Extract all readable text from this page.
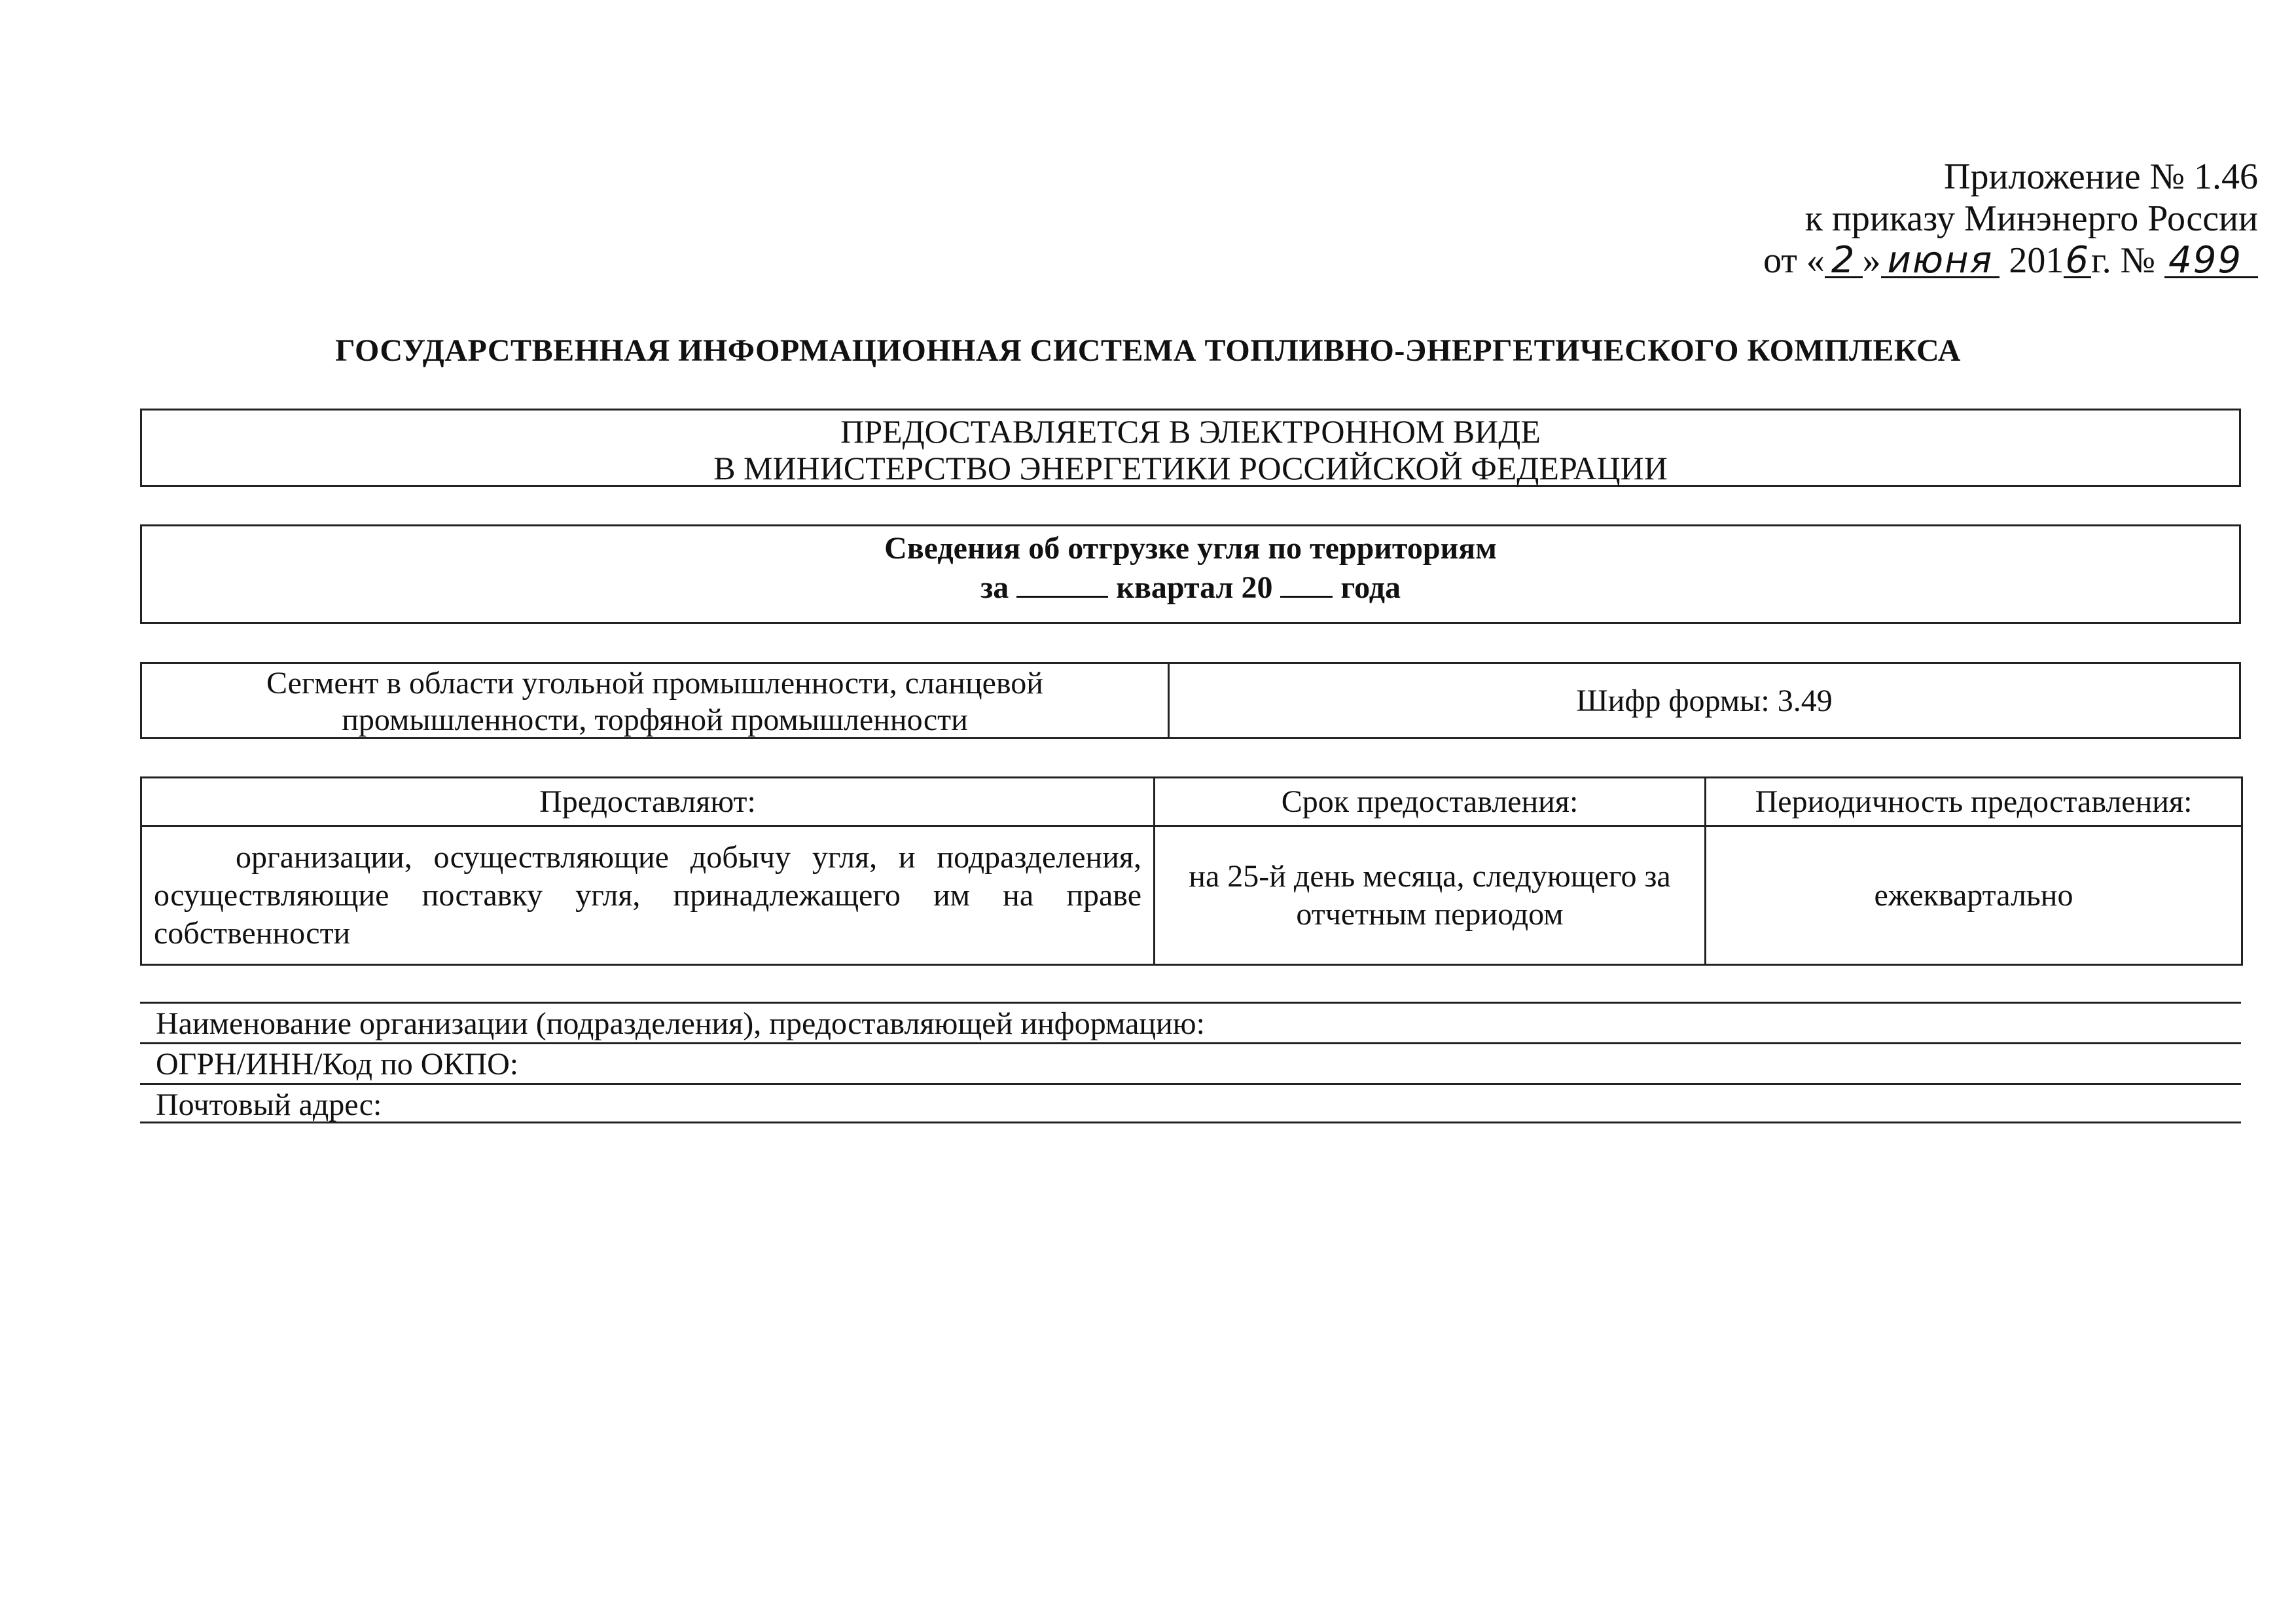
Приложение № 1.46
к приказу Минэнерго России
от « 2 » июня 2016г. № 499
ГОСУДАРСТВЕННАЯ ИНФОРМАЦИОННАЯ СИСТЕМА ТОПЛИВНО-ЭНЕРГЕТИЧЕСКОГО КОМПЛЕКСА
ПРЕДОСТАВЛЯЕТСЯ В ЭЛЕКТРОННОМ ВИДЕ
В МИНИСТЕРСТВО ЭНЕРГЕТИКИ РОССИЙСКОЙ ФЕДЕРАЦИИ
Сведения об отгрузке угля по территориям
за	квартал 20 года
Сегмент в области угольной промышленности, сланцевой промышленности, торфяной промышленности
Шифр формы: 3.49
Предоставляют:	Срок предоставления:	Периодичность предоставления:
организации, осуществляющие добычу угля, и подразделения, осуществляющие поставку угля, принадлежащего им на праве собственности	на 25-й день месяца, следующего за отчетным периодом	ежеквартально
Наименование организации (подразделения), предоставляющей информацию:
ОГРН/ИНН/Код по ОКПО:
Почтовый адрес:
